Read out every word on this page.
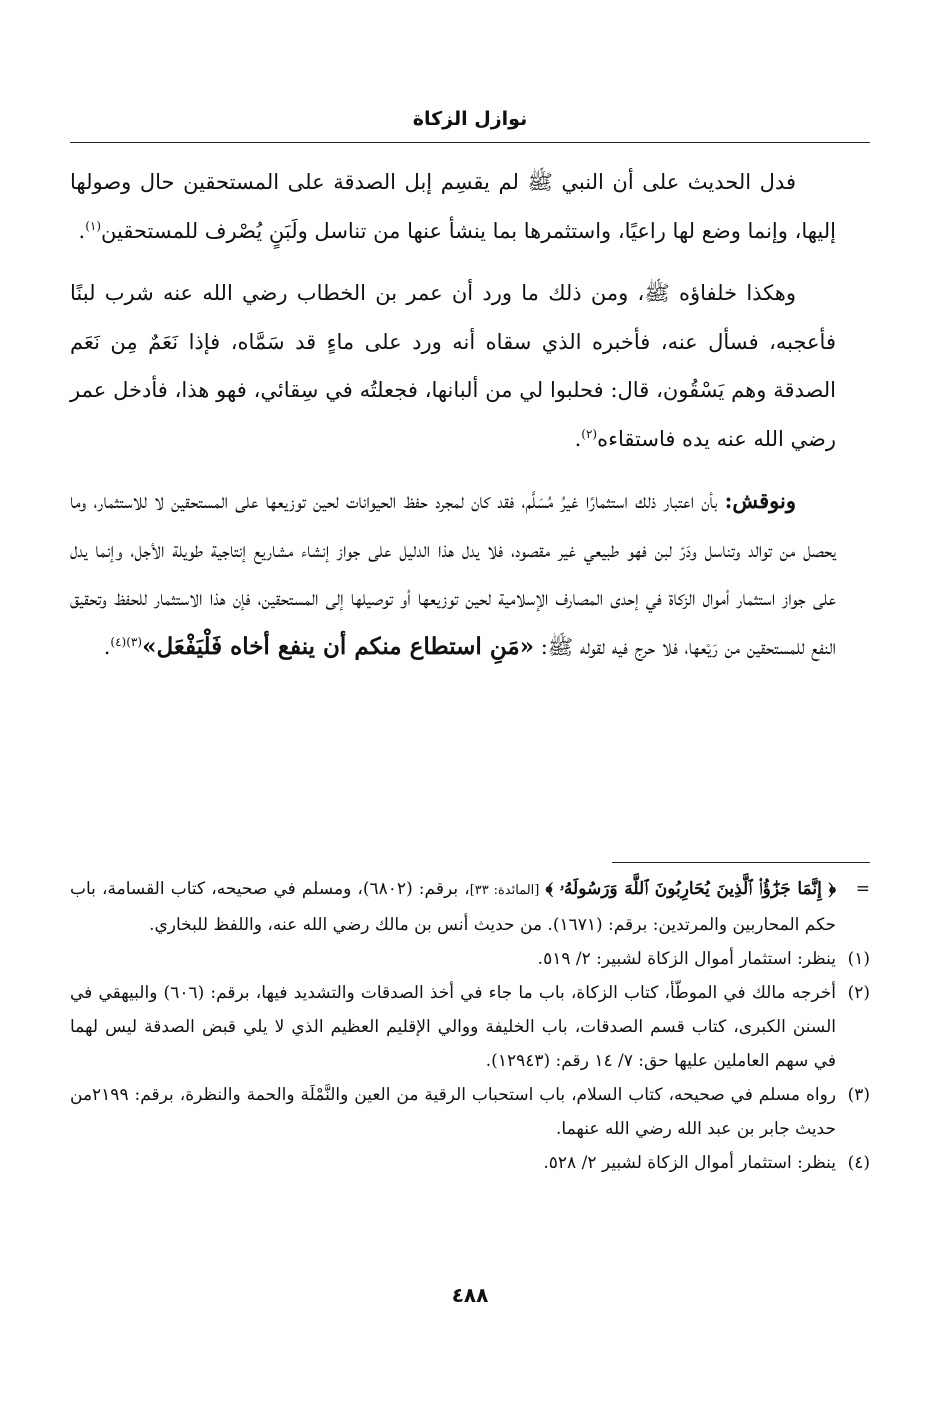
نوازل الزكاة

فدل الحديث على أن النبي ﷺ لم يقسِم إبل الصدقة على المستحقين حال وصولها إليها، وإنما وضع لها راعيًا، واستثمرها بما ينشأ عنها من تناسل ولَبَنٍ يُصْرف للمستحقين$^{(١)}$.

وهكذا خلفاؤه ﷺ، ومن ذلك ما ورد أن عمر بن الخطاب رضي الله عنه شرب لبنًا فأعجبه، فسأل عنه، فأخبره الذي سقاه أنه ورد على ماءٍ قد سَمَّاه، فإذا نَعَمٌ مِن نَعَم الصدقة وهم يَسْقُون، قال: فحلبوا لي من ألبانها، فجعلتُه في سِقائي، فهو هذا، فأدخل عمر رضي الله عنه يده فاستقاءه$^{(٢)}$.

ونوقش: بأن اعتبار ذلك استثمارًا غيرُ مُسَلَّم، فقد كان لمجرد حفظ الحيوانات لحين توزيعها على المستحقين لا للاستثمار، وما يحصل من توالد وتناسل ودَرّ لبن فهو طبيعي غير مقصود، فلا يدل هذا الدليل على جواز إنشاء مشاريع إنتاجية طويلة الأجل، وإنما يدل على جواز استثمار أموال الزكاة في إحدى المصارف الإسلامية لحين توزيعها أو توصيلها إلى المستحقين، فإن هذا الاستثمار للحفظ وتحقيق النفع للمستحقين من رَيْعها، فلا حرج فيه لقوله ﷺ: «مَنِ استطاع منكم أن ينفع أخاه فَلْيَفْعَل»$^{(٣)(٤)}$.

=
﴿ إِنَّمَا جَزَٰٓؤُا۟ ٱلَّذِينَ يُحَارِبُونَ ٱللَّهَ وَرَسُولَهُۥ ﴾ [المائدة: ٣٣]، برقم: (٦٨٠٢)، ومسلم في صحيحه، كتاب القسامة، باب حكم المحاربين والمرتدين: برقم: (١٦٧١). من حديث أنس بن مالك رضي الله عنه، واللفظ للبخاري.
(١)
ينظر: استثمار أموال الزكاة لشبير: ٢/ ٥١٩.
(٢)
أخرجه مالك في الموطّأ، كتاب الزكاة، باب ما جاء في أخذ الصدقات والتشديد فيها، برقم: (٦٠٦) والبيهقي في السنن الكبرى، كتاب قسم الصدقات، باب الخليفة ووالي الإقليم العظيم الذي لا يلي قبض الصدقة ليس لهما في سهم العاملين عليها حق: ٧/ ١٤ رقم: (١٢٩٤٣).
(٣)
رواه مسلم في صحيحه، كتاب السلام، باب استحباب الرقية من العين والنَّمْلَة والحمة والنظرة، برقم: ٢١٩٩من حديث جابر بن عبد الله رضي الله عنهما.
(٤)
ينظر: استثمار أموال الزكاة لشبير ٢/ ٥٢٨.
٤٨٨
